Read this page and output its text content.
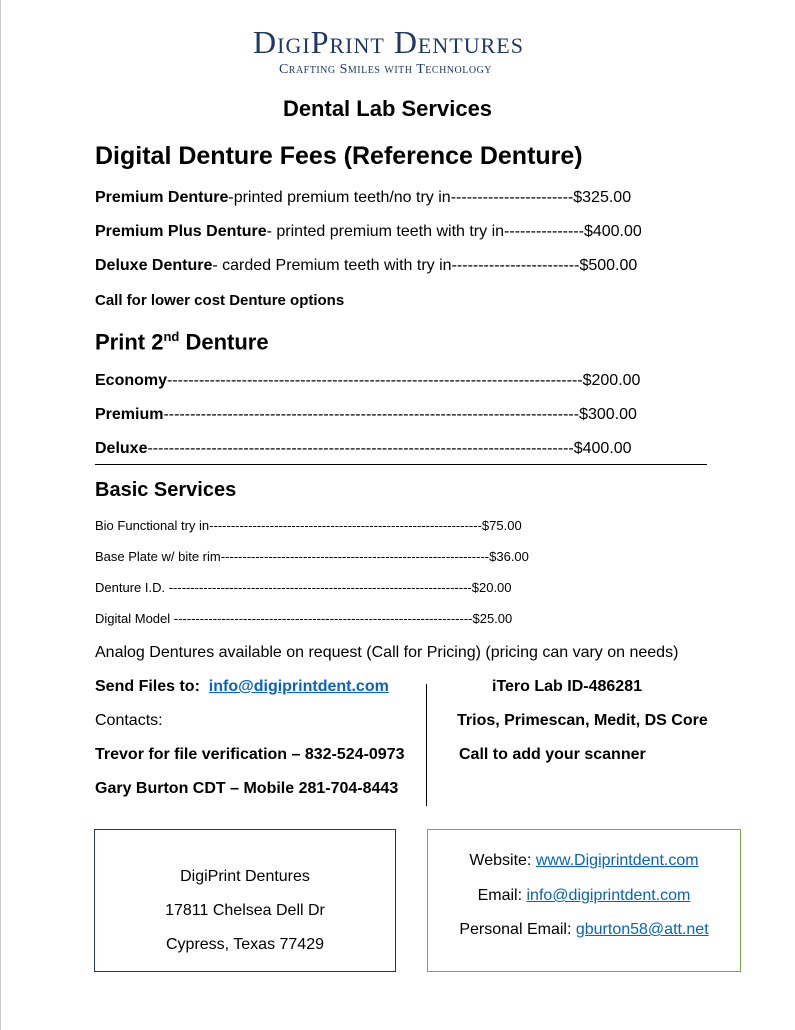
DigiPrint Dentures
Crafting Smiles with Technology
Dental Lab Services
Digital Denture Fees (Reference Denture)
Premium Denture-printed premium teeth/no try in-----------------------$325.00
Premium Plus Denture- printed premium teeth with try in---------------$400.00
Deluxe Denture- carded Premium teeth with try in------------------------$500.00
Call for lower cost Denture options
Print 2nd Denture
Economy------------------------------------------------------------------------------$200.00
Premium------------------------------------------------------------------------------$300.00
Deluxe--------------------------------------------------------------------------------$400.00
Basic Services
Bio Functional try in---------------------------------------------------------------$75.00
Base Plate w/ bite rim--------------------------------------------------------------$36.00
Denture I.D. ----------------------------------------------------------------------$20.00
Digital Model ---------------------------------------------------------------------$25.00
Analog Dentures available on request (Call for Pricing) (pricing can vary on needs)
Send Files to: info@digiprintdent.com
Contacts:
Trevor for file verification – 832-524-0973
Gary Burton CDT – Mobile 281-704-8443
iTero Lab ID-486281
Trios, Primescan, Medit, DS Core
Call to add your scanner
DigiPrint Dentures
17811 Chelsea Dell Dr
Cypress, Texas 77429
Website: www.Digiprintdent.com
Email: info@digiprintdent.com
Personal Email: gburton58@att.net
